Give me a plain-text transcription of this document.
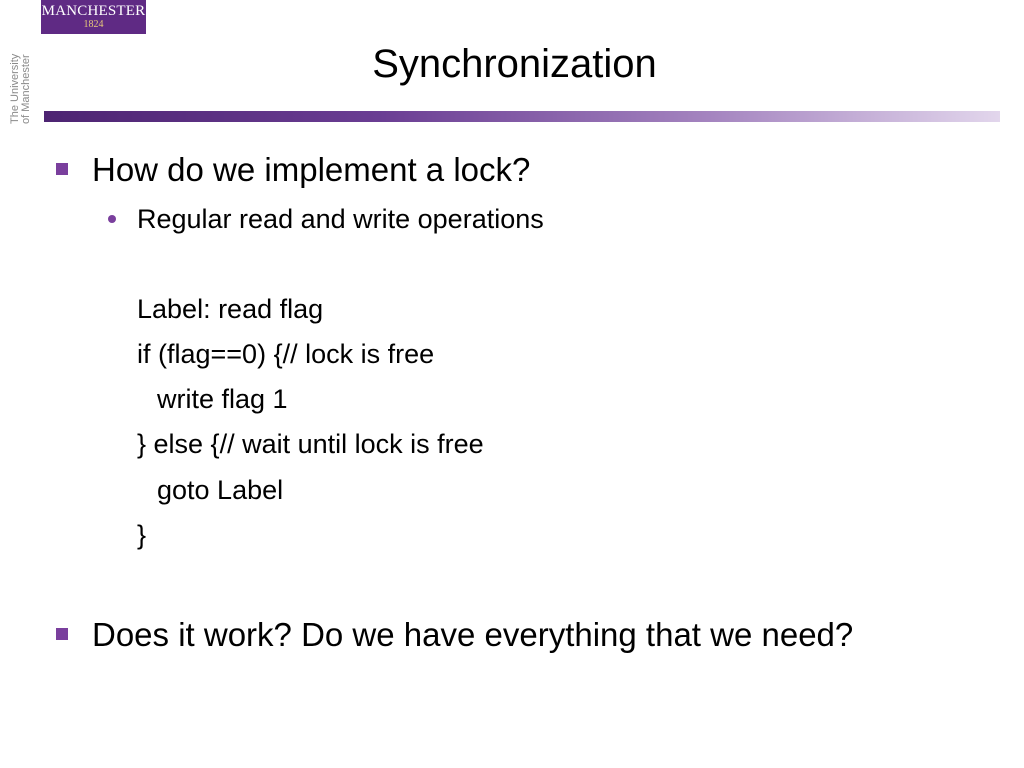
MANCHESTER
1824
The University of Manchester	Synchronization
How do we implement a lock?
Regular read and write operations
Label: read flag
if (flag==0) {// lock is free
write flag 1
} else {// wait until lock is free
goto Label
}
Does it work? Do we have everything that we need?
